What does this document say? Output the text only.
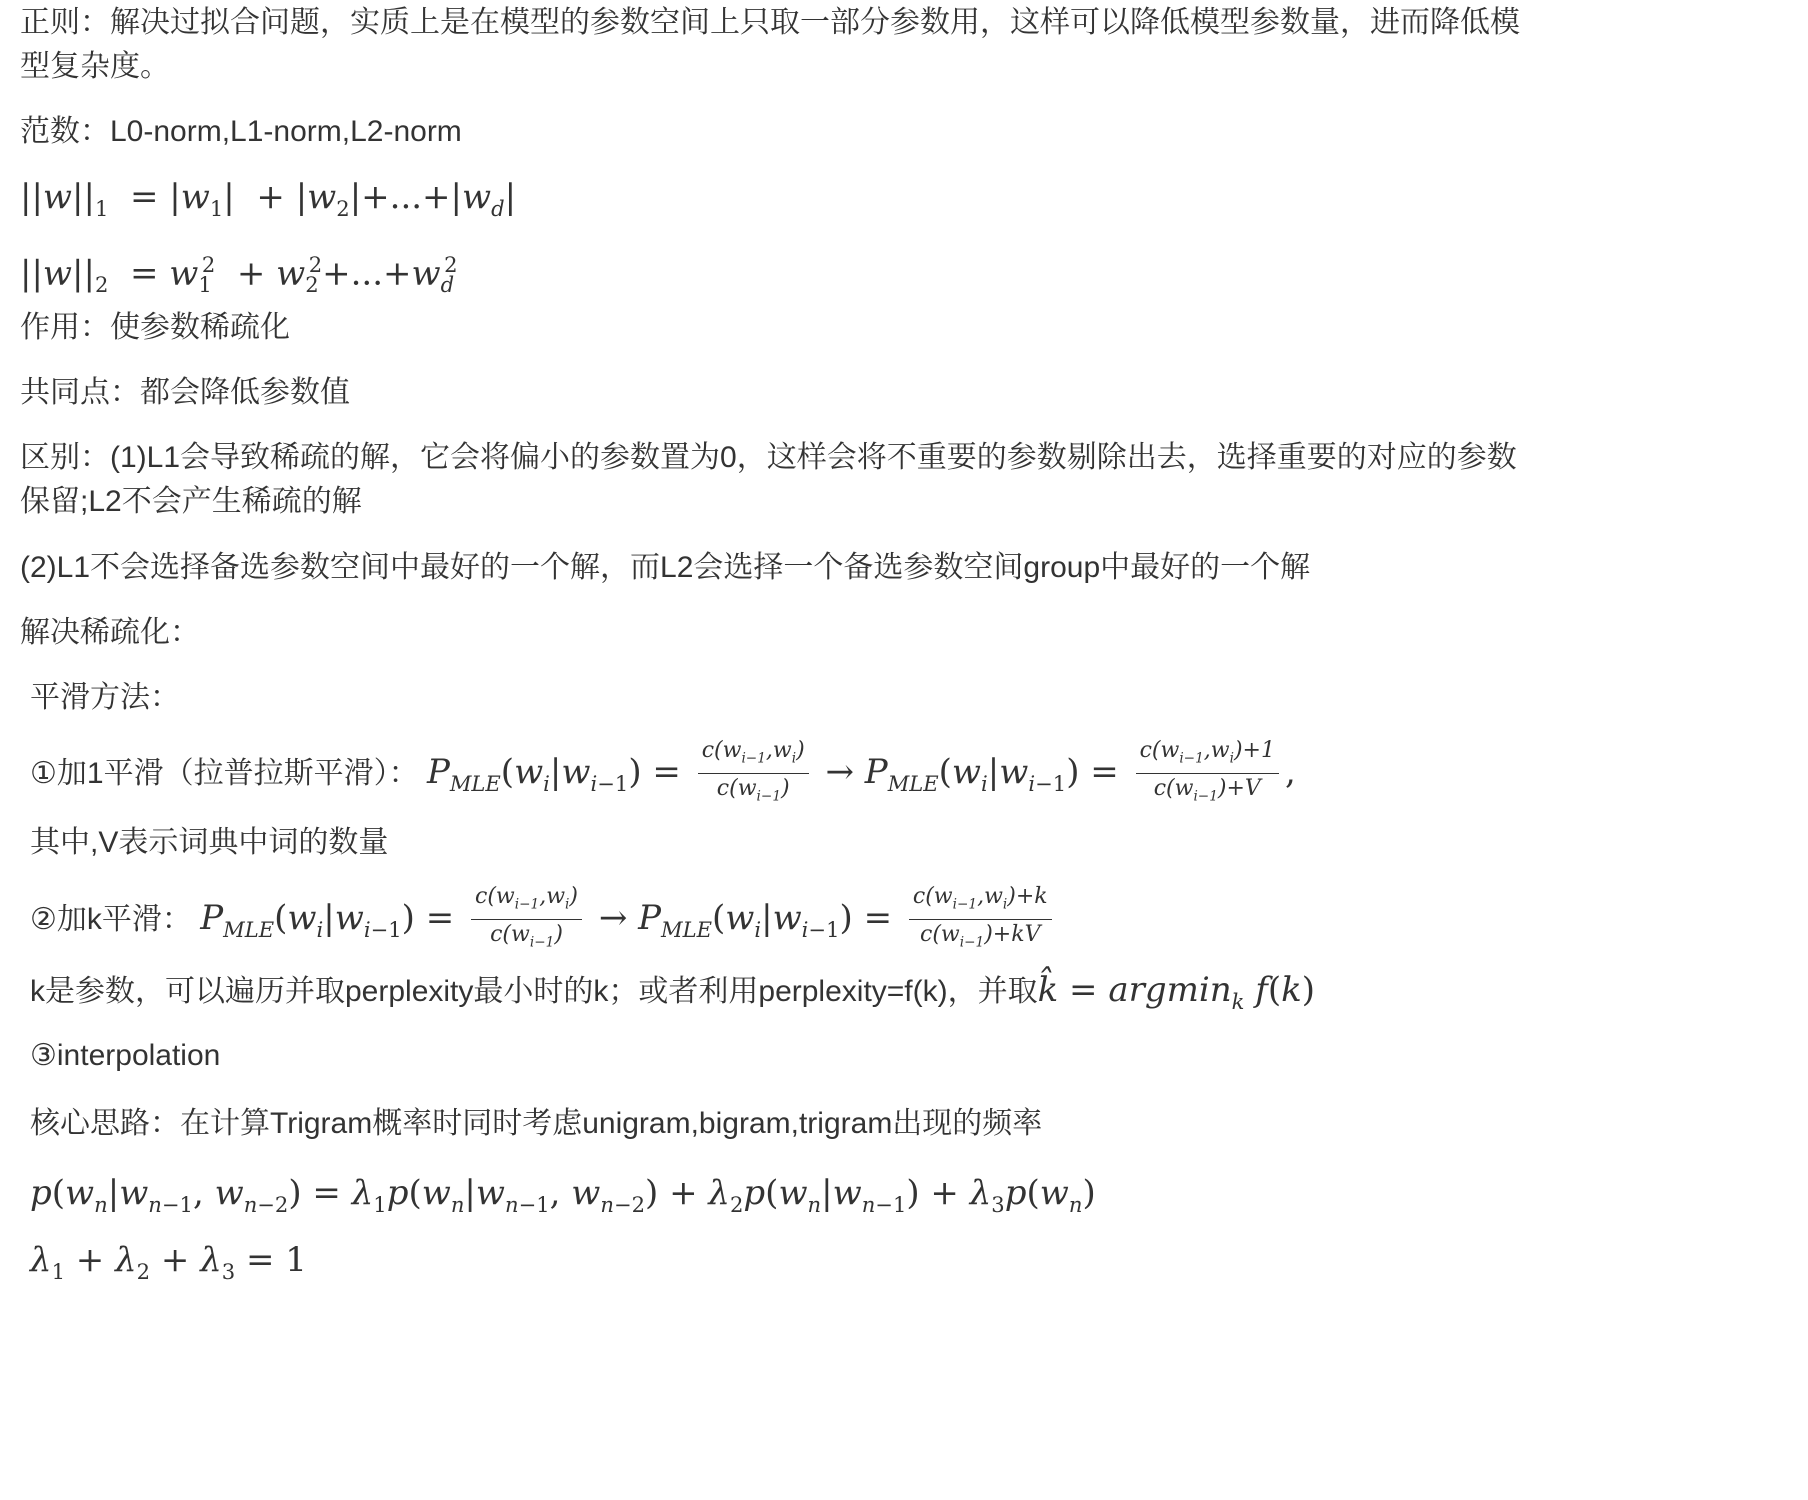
正则：解决过拟合问题，实质上是在模型的参数空间上只取一部分参数用，这样可以降低模型参数量，进而降低模
型复杂度。
范数：L0-norm,L1-norm,L2-norm
$||w||_1 = |w_1| + |w_2|+...+|w_d|$
$||w||_2 = w_1^2 + w_2^2+...+w_d^2$
作用：使参数稀疏化
共同点：都会降低参数值
区别：(1)L1会导致稀疏的解，它会将偏小的参数置为0，这样会将不重要的参数剔除出去，选择重要的对应的参数
保留;L2不会产生稀疏的解
(2)L1不会选择备选参数空间中最好的一个解，而L2会选择一个备选参数空间group中最好的一个解
解决稀疏化：
平滑方法：
①加1平滑（拉普拉斯平滑）： $P_{MLE}(w_i|w_{i-1}) = \frac{c(w_{i-1},w_i)}{c(w_{i-1})} \to P_{MLE}(w_i|w_{i-1}) = \frac{c(w_{i-1},w_i)+1}{c(w_{i-1})+V}$ ,
其中,V表示词典中词的数量
②加k平滑： $P_{MLE}(w_i|w_{i-1}) = \frac{c(w_{i-1},w_i)}{c(w_{i-1})} \to P_{MLE}(w_i|w_{i-1}) = \frac{c(w_{i-1},w_i)+k}{c(w_{i-1})+kV}$
k是参数，可以遍历并取perplexity最小时的k；或者利用perplexity=f(k)，并取k̂ = argmin$_k$ f(k)
③interpolation
核心思路：在计算Trigram概率时同时考虑unigram,bigram,trigram出现的频率
$p(w_n|w_{n-1}$, $w_{n-2}) = \lambda_1p(w_n|w_{n-1}$, $w_{n-2}) + \lambda_2p(w_n|w_{n-1}) + \lambda_3p(w_n)$
$\lambda_1 + \lambda_2 + \lambda_3 = 1$
